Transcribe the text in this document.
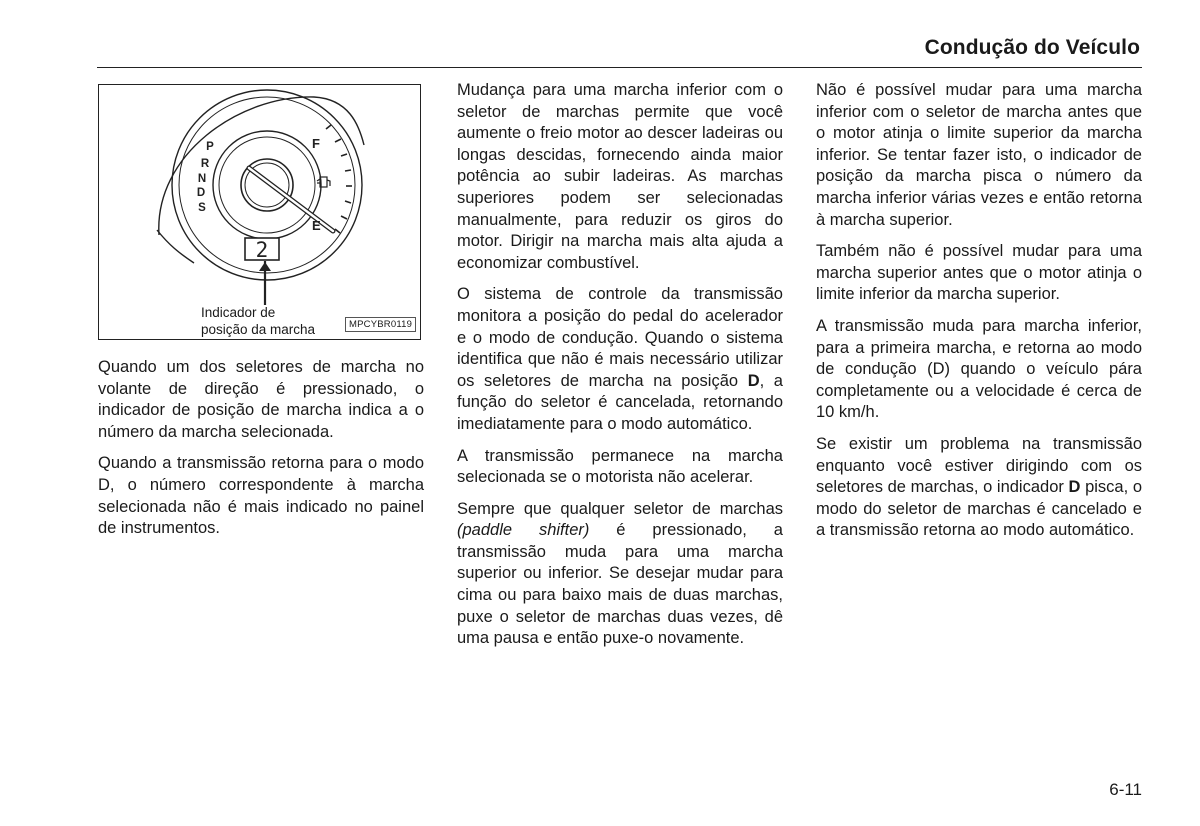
Condução do Veículo
2
P
R
N
D
S
F
E
Indicador de
posição da marcha	MPCYBR0119

Quando um dos seletores de marcha no volante de direção é pressionado, o indicador de posição de marcha indica a o número da marcha selecionada.

Quando a transmissão retorna para o modo D, o número correspondente à marcha selecionada não é mais indicado no painel de instrumentos.

Mudança para uma marcha inferior com o seletor de marchas permite que você aumente o freio motor ao descer ladeiras ou longas descidas, fornecendo ainda maior potência ao subir ladeiras. As marchas superiores podem ser selecionadas manualmente, para reduzir os giros do motor. Dirigir na marcha mais alta ajuda a economizar combustível.

O sistema de controle da transmissão monitora a posição do pedal do acelerador e o modo de condução. Quando o sistema identifica que não é mais necessário utilizar os seletores de marcha na posição D, a função do seletor é cancelada, retornando imediatamente para o modo automático.

A transmissão permanece na marcha selecionada se o motorista não acelerar.

Sempre que qualquer seletor de marchas (paddle shifter) é pressionado, a transmissão muda para uma marcha superior ou inferior. Se desejar mudar para cima ou para baixo mais de duas marchas, puxe o seletor de marchas duas vezes, dê uma pausa e então puxe-o novamente.

Não é possível mudar para uma marcha inferior com o seletor de marcha antes que o motor atinja o limite superior da marcha inferior. Se tentar fazer isto, o indicador de posição da marcha pisca o número da marcha inferior várias vezes e então retorna à marcha superior.

Também não é possível mudar para uma marcha superior antes que o motor atinja o limite inferior da marcha superior.

A transmissão muda para marcha inferior, para a primeira marcha, e retorna ao modo de condução (D) quando o veículo pára completamente ou a velocidade é cerca de 10 km/h.

Se existir um problema na transmissão enquanto você estiver dirigindo com os seletores de marchas, o indicador D pisca, o modo do seletor de marchas é cancelado e a transmissão retorna ao modo automático.

6-11
